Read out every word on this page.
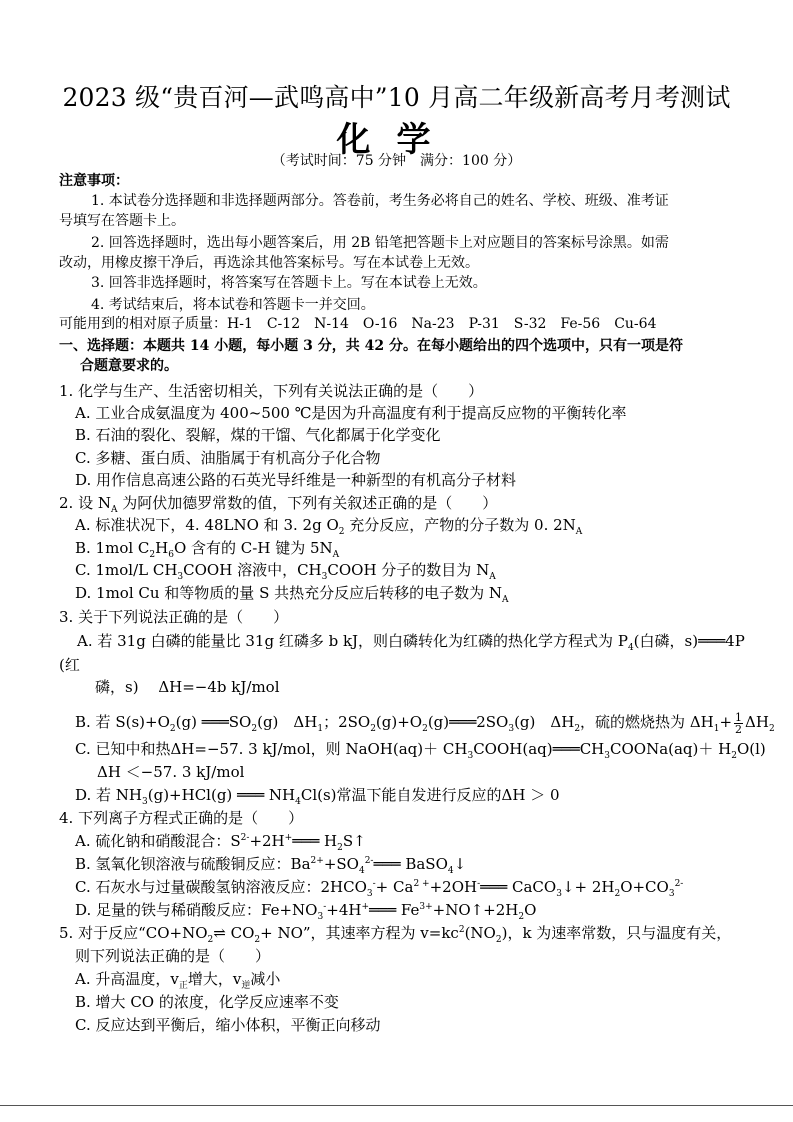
2023 级“贵百河—武鸣高中”10 月高二年级新高考月考测试
化学
（考试时间：75 分钟　满分：100 分）
注意事项：
1. 本试卷分选择题和非选择题两部分。答卷前，考生务必将自己的姓名、学校、班级、准考证
号填写在答题卡上。
2. 回答选择题时，选出每小题答案后，用 2B 铅笔把答题卡上对应题目的答案标号涂黑。如需
改动，用橡皮擦干净后，再选涂其他答案标号。写在本试卷上无效。
3. 回答非选择题时，将答案写在答题卡上。写在本试卷上无效。
4. 考试结束后，将本试卷和答题卡一并交回。
可能用到的相对原子质量：H-1　C-12　N-14　O-16　Na-23　P-31　S-32　Fe-56　Cu-64
一、选择题：本题共 14 小题，每小题 3 分，共 42 分。在每小题给出的四个选项中，只有一项是符
合题意要求的。
1. 化学与生产、生活密切相关，下列有关说法正确的是（　　）
A. 工业合成氨温度为 400~500 ℃是因为升高温度有利于提高反应物的平衡转化率
B. 石油的裂化、裂解，煤的干馏、气化都属于化学变化
C. 多糖、蛋白质、油脂属于有机高分子化合物
D. 用作信息高速公路的石英光导纤维是一种新型的有机高分子材料
2. 设 $N_A$ 为阿伏加德罗常数的值，下列有关叙述正确的是（　　）
A. 标准状况下，4. 48LNO 和 3. 2g $O_2$ 充分反应，产物的分子数为 0. $2N_A$
B. 1mol $C_2H_6O$ 含有的 C-H 键为 $5N_A$
C. 1mol/L $CH_3COOH$ 溶液中，$CH_3COOH$ 分子的数目为 $N_A$
D. 1mol Cu 和等物质的量 S 共热充分反应后转移的电子数为 $N_A$
3. 关于下列说法正确的是（　　）
A. 若 31g 白磷的能量比 31g 红磷多 b kJ，则白磷转化为红磷的热化学方程式为 $P_4$(白磷，s)═══4P
(红
磷，s)　 ΔH=−4b kJ/mol
B. 若 $S(s)+O_2(g)$ $═══SO_2(g)$　$\Delta H_1$；$2SO_2(g)+O_2(g)═══2SO_3(g)$　$\Delta H_2$，硫的燃烧热为 $\Delta H_1+ \frac{1}{2} \Delta H_2$
C. 已知中和热ΔH=−57. 3 kJ/mol，则 NaOH(aq)＋ $CH_3COOH(aq)═══CH_3COONa(aq)+ H_2O(l)$
ΔH ＜−57. 3 kJ/mol
D. 若 $NH_3(g)+HCl(g)$ ═══ $NH_4Cl(s)$常温下能自发进行反应的ΔH ＞ 0
4. 下列离子方程式正确的是（　　）
A. 硫化钠和硝酸混合：$S^{2-}+2H^+═══$ $H_2S↑$
B. 氢氧化钡溶液与硫酸铜反应：$Ba^{2+}+SO_4^{2-}═══$ BaSO$_4$↓
C. 石灰水与过量碳酸氢钠溶液反应：$2HCO_3^-+$ $Ca^{2 +}+2OH^-═══$ CaCO$_3$↓+ $2H_2O+CO_3^{2-}$
D. 足量的铁与稀硝酸反应：$Fe+NO_3^-+4H^+═══$ $Fe^{3+}+NO↑+2H_2O$
5. 对于反应“$CO+NO_2\rightleftharpoons$ $CO_2+$ NO”，其速率方程为 $v=kc^2(NO_2)$，k 为速率常数，只与温度有关，
则下列说法正确的是（　　）
A. 升高温度，$v_正$增大，$v_逆$减小
B. 增大 CO 的浓度，化学反应速率不变
C. 反应达到平衡后，缩小体积，平衡正向移动
